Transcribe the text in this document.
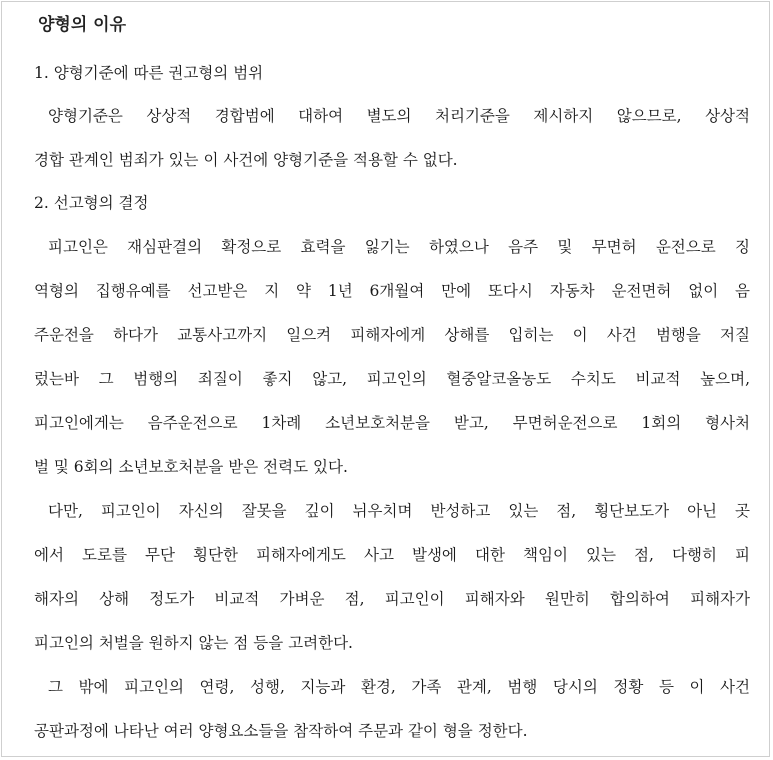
양형의 이유
1. 양형기준에 따른 권고형의 범위
양형기준은 상상적 경합범에 대하여 별도의 처리기준을 제시하지 않으므로, 상상적
경합 관계인 범죄가 있는 이 사건에 양형기준을 적용할 수 없다.
2. 선고형의 결정
피고인은 재심판결의 확정으로 효력을 잃기는 하였으나 음주 및 무면허 운전으로 징
역형의 집행유예를 선고받은 지 약 1년 6개월여 만에 또다시 자동차 운전면허 없이 음
주운전을 하다가 교통사고까지 일으켜 피해자에게 상해를 입히는 이 사건 범행을 저질
렀는바 그 범행의 죄질이 좋지 않고, 피고인의 혈중알코올농도 수치도 비교적 높으며,
피고인에게는 음주운전으로 1차례 소년보호처분을 받고, 무면허운전으로 1회의 형사처
벌 및 6회의 소년보호처분을 받은 전력도 있다.
다만, 피고인이 자신의 잘못을 깊이 뉘우치며 반성하고 있는 점, 횡단보도가 아닌 곳
에서 도로를 무단 횡단한 피해자에게도 사고 발생에 대한 책임이 있는 점, 다행히 피
해자의 상해 정도가 비교적 가벼운 점, 피고인이 피해자와 원만히 합의하여 피해자가
피고인의 처벌을 원하지 않는 점 등을 고려한다.
그 밖에 피고인의 연령, 성행, 지능과 환경, 가족 관계, 범행 당시의 정황 등 이 사건
공판과정에 나타난 여러 양형요소들을 참작하여 주문과 같이 형을 정한다.
